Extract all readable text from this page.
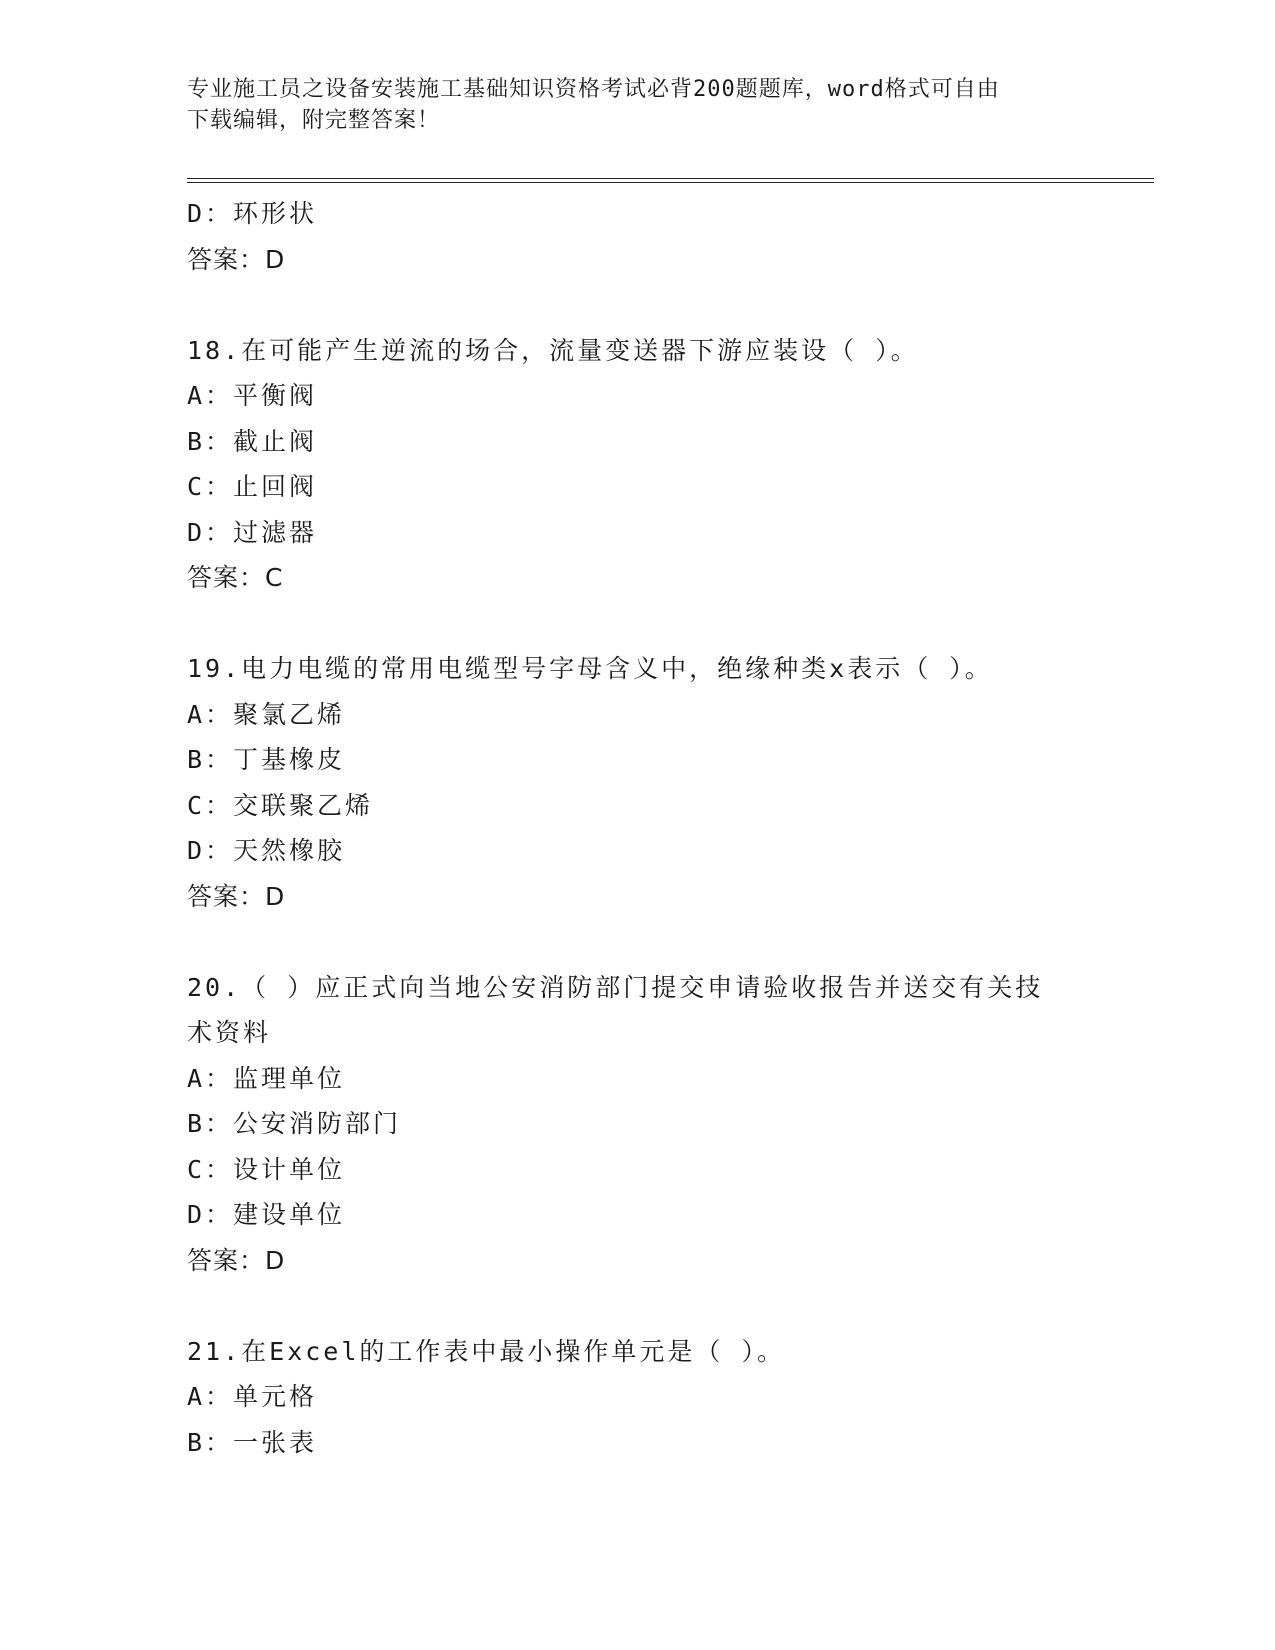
专业施工员之设备安装施工基础知识资格考试必背200题题库，word格式可自由
下载编辑，附完整答案！
D：环形状
答案：D
18.在可能产生逆流的场合，流量变送器下游应装设（ ）。
A：平衡阀
B：截止阀
C：止回阀
D：过滤器
答案：C
19.电力电缆的常用电缆型号字母含义中，绝缘种类x表示（ ）。
A：聚氯乙烯
B：丁基橡皮
C：交联聚乙烯
D：天然橡胶
答案：D
20.（ ）应正式向当地公安消防部门提交申请验收报告并送交有关技术资料
A：监理单位
B：公安消防部门
C：设计单位
D：建设单位
答案：D
21.在Excel的工作表中最小操作单元是（ ）。
A：单元格
B：一张表
